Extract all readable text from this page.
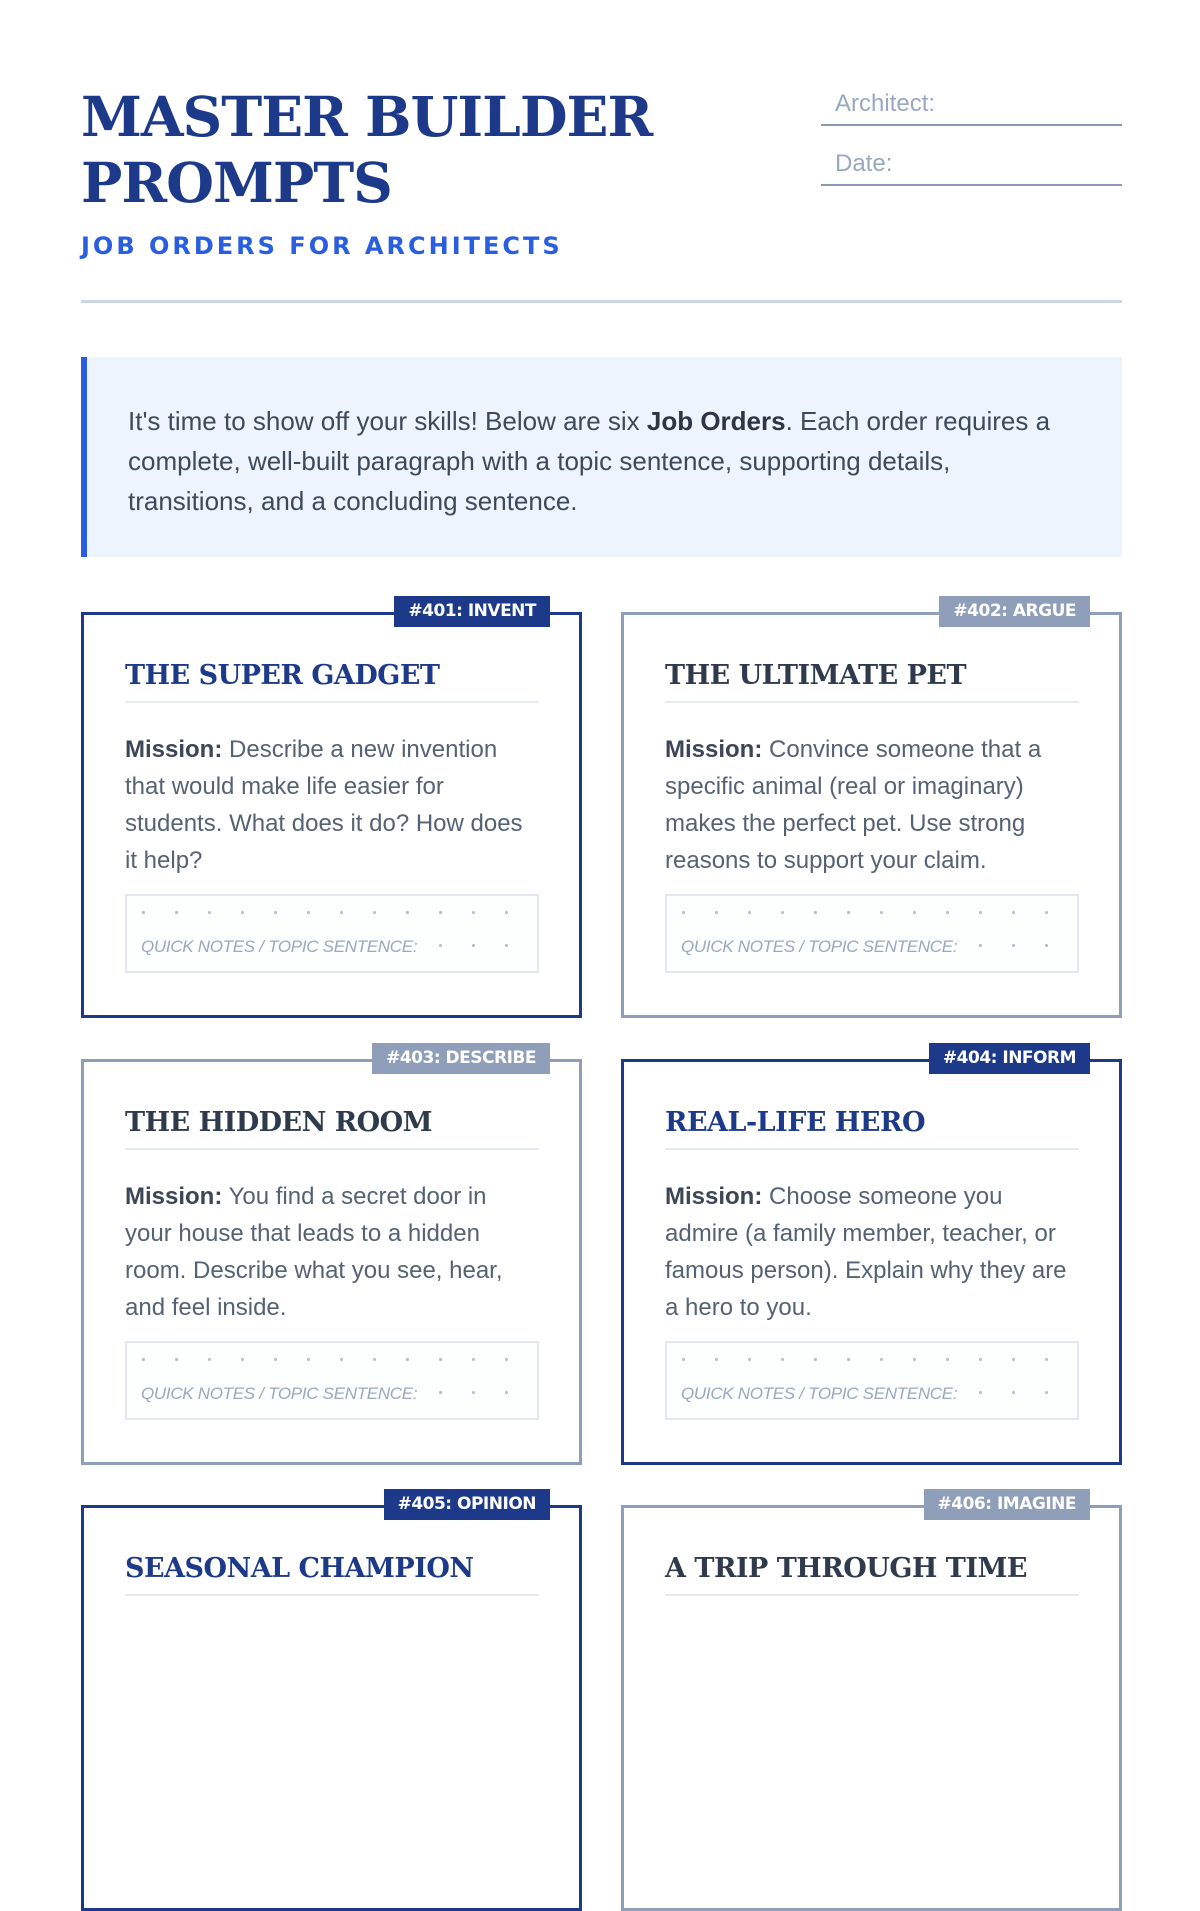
MASTER BUILDER PROMPTS
JOB ORDERS FOR ARCHITECTS
Architect:
Date:
It's time to show off your skills! Below are six Job Orders. Each order requires a complete, well-built paragraph with a topic sentence, supporting details, transitions, and a concluding sentence.
#401: INVENT
THE SUPER GADGET
Mission: Describe a new invention that would make life easier for students. What does it do? How does it help?
QUICK NOTES / TOPIC SENTENCE:
#402: ARGUE
THE ULTIMATE PET
Mission: Convince someone that a specific animal (real or imaginary) makes the perfect pet. Use strong reasons to support your claim.
QUICK NOTES / TOPIC SENTENCE:
#403: DESCRIBE
THE HIDDEN ROOM
Mission: You find a secret door in your house that leads to a hidden room. Describe what you see, hear, and feel inside.
QUICK NOTES / TOPIC SENTENCE:
#404: INFORM
REAL-LIFE HERO
Mission: Choose someone you admire (a family member, teacher, or famous person). Explain why they are a hero to you.
QUICK NOTES / TOPIC SENTENCE:
#405: OPINION
SEASONAL CHAMPION
#406: IMAGINE
A TRIP THROUGH TIME
